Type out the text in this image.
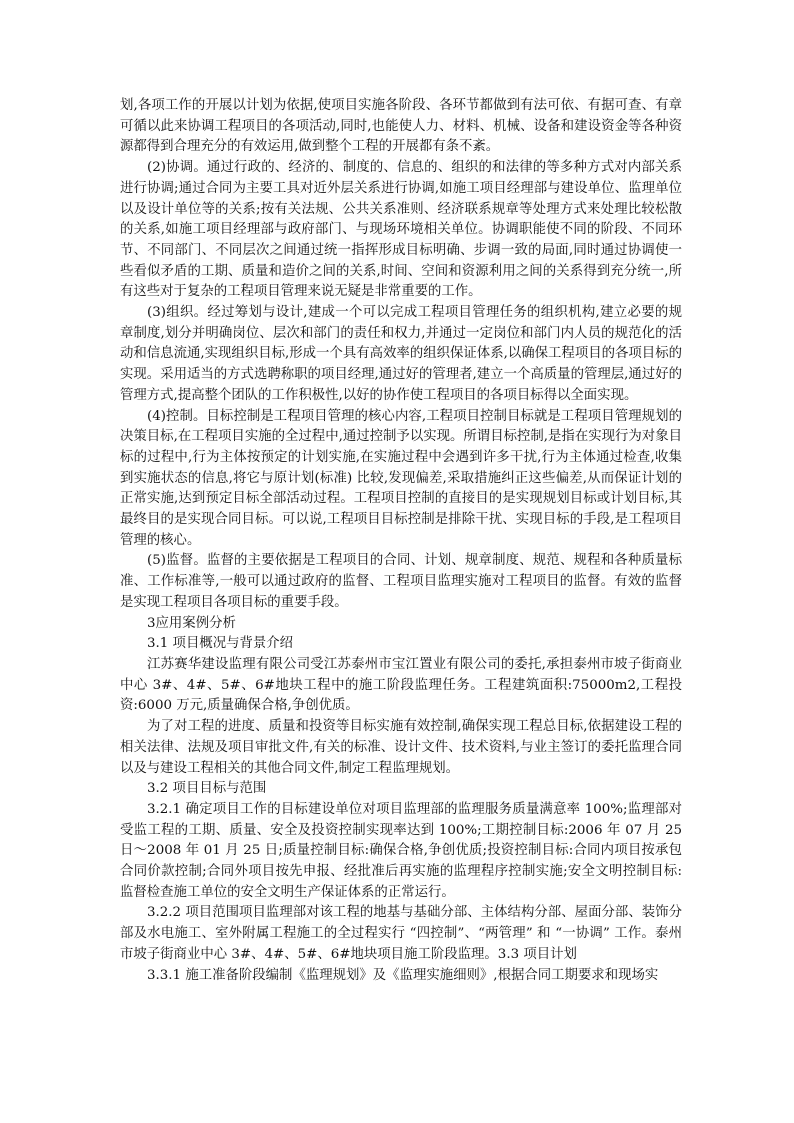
划,各项工作的开展以计划为依据,使项目实施各阶段、各环节都做到有法可依、有据可查、有章可循以此来协调工程项目的各项活动,同时,也能使人力、材料、机械、设备和建设资金等各种资源都得到合理充分的有效运用,做到整个工程的开展都有条不紊。

(2)协调。通过行政的、经济的、制度的、信息的、组织的和法律的等多种方式对内部关系进行协调;通过合同为主要工具对近外层关系进行协调,如施工项目经理部与建设单位、监理单位以及设计单位等的关系;按有关法规、公共关系准则、经济联系规章等处理方式来处理比较松散的关系,如施工项目经理部与政府部门、与现场环境相关单位。协调职能使不同的阶段、不同环节、不同部门、不同层次之间通过统一指挥形成目标明确、步调一致的局面,同时通过协调使一些看似矛盾的工期、质量和造价之间的关系,时间、空间和资源利用之间的关系得到充分统一,所有这些对于复杂的工程项目管理来说无疑是非常重要的工作。

(3)组织。经过筹划与设计,建成一个可以完成工程项目管理任务的组织机构,建立必要的规章制度,划分并明确岗位、层次和部门的责任和权力,并通过一定岗位和部门内人员的规范化的活动和信息流通,实现组织目标,形成一个具有高效率的组织保证体系,以确保工程项目的各项目标的实现。采用适当的方式选聘称职的项目经理,通过好的管理者,建立一个高质量的管理层,通过好的管理方式,提高整个团队的工作积极性,以好的协作使工程项目的各项目标得以全面实现。

(4)控制。目标控制是工程项目管理的核心内容,工程项目控制目标就是工程项目管理规划的决策目标,在工程项目实施的全过程中,通过控制予以实现。所谓目标控制,是指在实现行为对象目标的过程中,行为主体按预定的计划实施,在实施过程中会遇到许多干扰,行为主体通过检查,收集到实施状态的信息,将它与原计划(标准) 比较,发现偏差,采取措施纠正这些偏差,从而保证计划的正常实施,达到预定目标全部活动过程。工程项目控制的直接目的是实现规划目标或计划目标,其最终目的是实现合同目标。可以说,工程项目目标控制是排除干扰、实现目标的手段,是工程项目管理的核心。

(5)监督。监督的主要依据是工程项目的合同、计划、规章制度、规范、规程和各种质量标准、工作标准等,一般可以通过政府的监督、工程项目监理实施对工程项目的监督。有效的监督是实现工程项目各项目标的重要手段。

3应用案例分析

3.1 项目概况与背景介绍

江苏赛华建设监理有限公司受江苏泰州市宝江置业有限公司的委托,承担泰州市坡子街商业中心 3#、4#、5#、6#地块工程中的施工阶段监理任务。工程建筑面积:75000m2,工程投资:6000 万元,质量确保合格,争创优质。

为了对工程的进度、质量和投资等目标实施有效控制,确保实现工程总目标,依据建设工程的相关法律、法规及项目审批文件,有关的标准、设计文件、技术资料,与业主签订的委托监理合同以及与建设工程相关的其他合同文件,制定工程监理规划。

3.2 项目目标与范围

3.2.1 确定项目工作的目标建设单位对项目监理部的监理服务质量满意率 100%;监理部对受监工程的工期、质量、安全及投资控制实现率达到 100%;工期控制目标:2006 年 07 月 25 日～2008 年 01 月 25 日;质量控制目标:确保合格,争创优质;投资控制目标:合同内项目按承包合同价款控制;合同外项目按先申报、经批准后再实施的监理程序控制实施;安全文明控制目标:监督检查施工单位的安全文明生产保证体系的正常运行。

3.2.2 项目范围项目监理部对该工程的地基与基础分部、主体结构分部、屋面分部、装饰分部及水电施工、室外附属工程施工的全过程实行 “四控制”、“两管理” 和 “一协调” 工作。泰州市坡子街商业中心 3#、4#、5#、6#地块项目施工阶段监理。3.3 项目计划

3.3.1 施工准备阶段编制《监理规划》及《监理实施细则》,根据合同工期要求和现场实
